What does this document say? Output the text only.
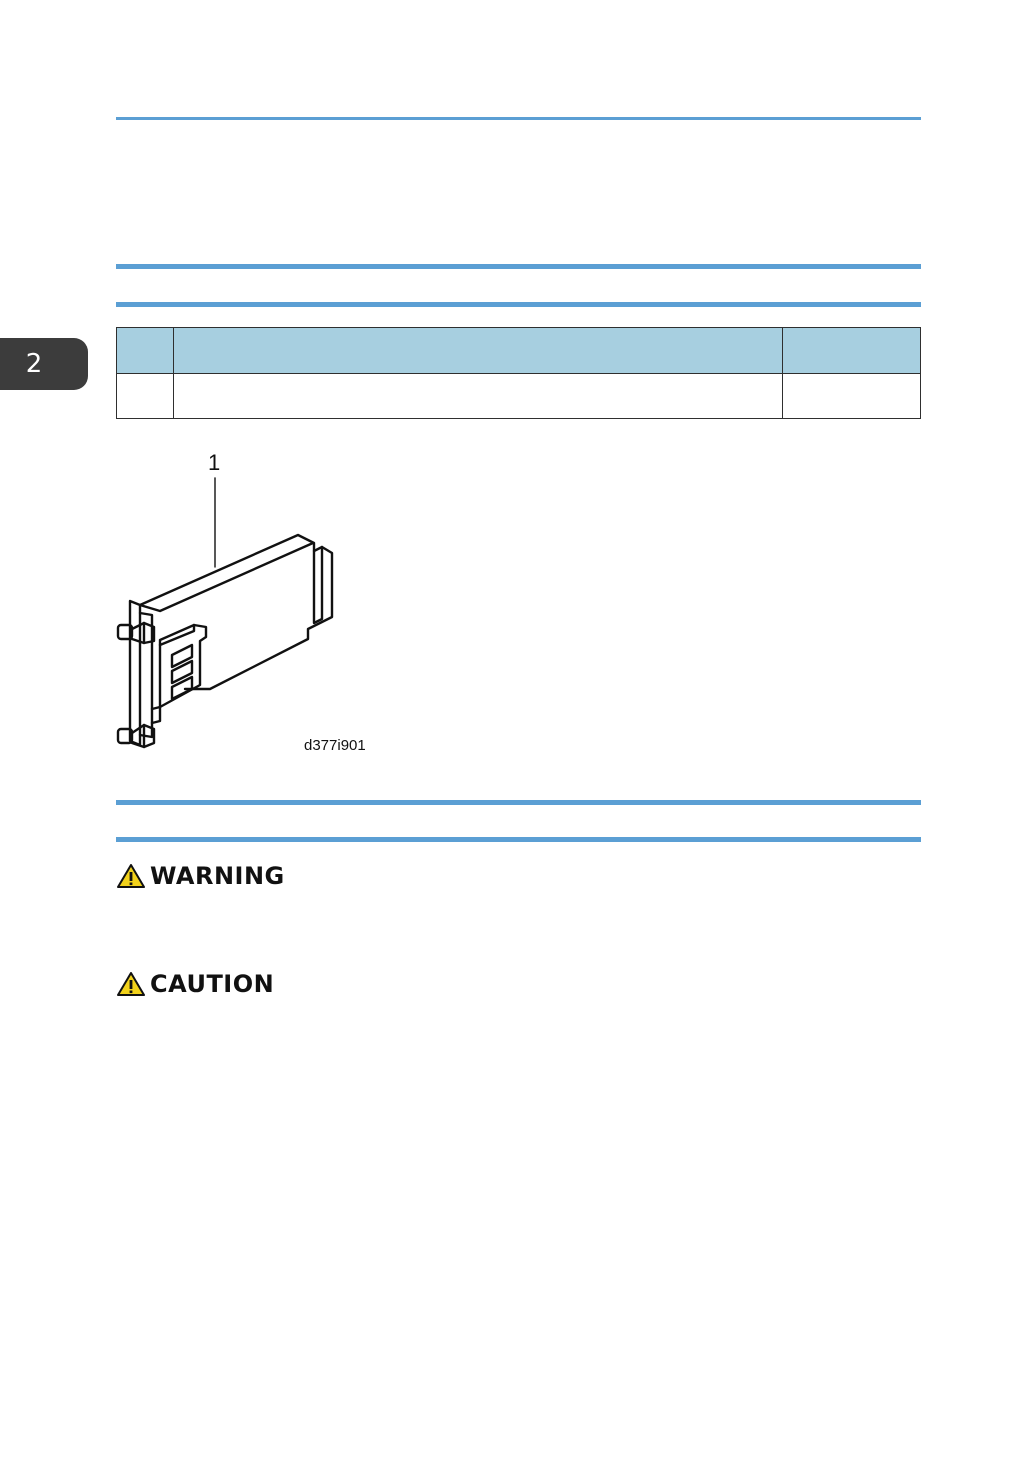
2

1
d377i901
WARNING
CAUTION
